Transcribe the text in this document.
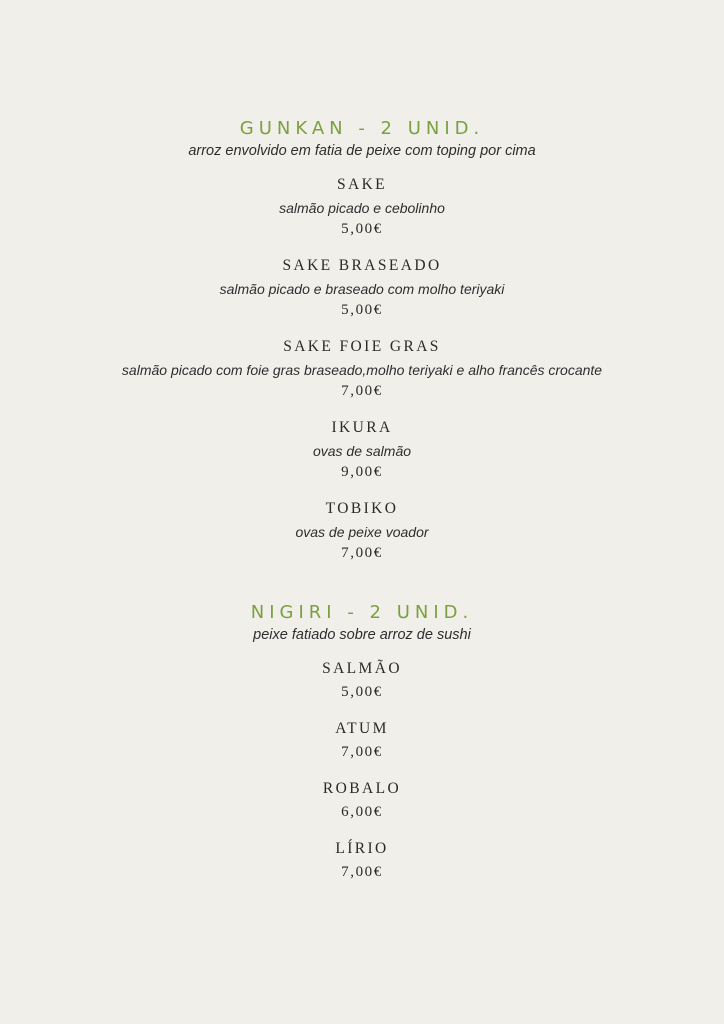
GUNKAN - 2 UNID.
arroz envolvido em fatia de peixe com toping por cima
SAKE
salmão picado e cebolinho
5,00€
SAKE BRASEADO
salmão picado e braseado com molho teriyaki
5,00€
SAKE FOIE GRAS
salmão picado com foie gras braseado,molho teriyaki e alho francês crocante
7,00€
IKURA
ovas de salmão
9,00€
TOBIKO
ovas de peixe voador
7,00€
NIGIRI - 2 UNID.
peixe fatiado sobre arroz de sushi
SALMÃO
5,00€
ATUM
7,00€
ROBALO
6,00€
LÍRIO
7,00€
